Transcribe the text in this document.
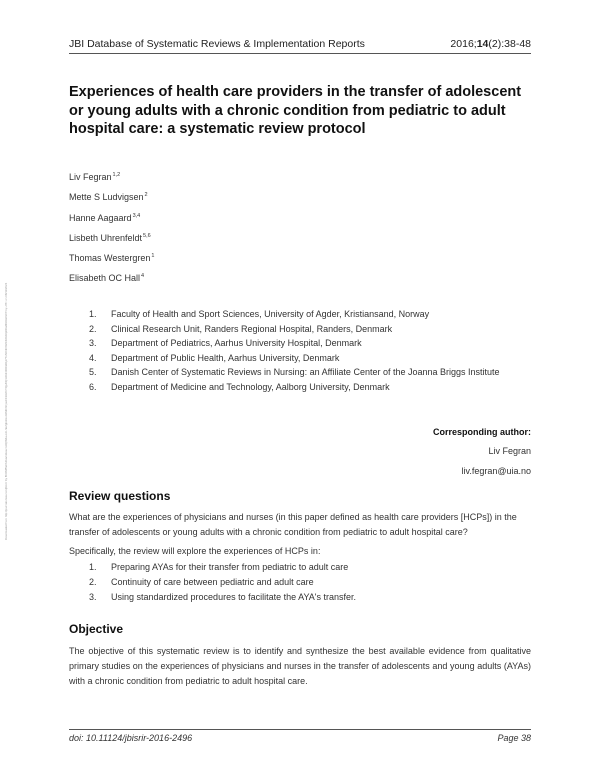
JBI Database of Systematic Reviews & Implementation Reports	2016;14(2):38-48
Experiences of health care providers in the transfer of adolescent or young adults with a chronic condition from pediatric to adult hospital care: a systematic review protocol
Liv Fegran$^{1,2}$
Mette S Ludvigsen$^2$
Hanne Aagaard$^{3,4}$
Lisbeth Uhrenfeldt$^{5,6}$
Thomas Westergren$^1$
Elisabeth OC Hall$^4$
1.	Faculty of Health and Sport Sciences, University of Agder, Kristiansand, Norway
2.	Clinical Research Unit, Randers Regional Hospital, Randers, Denmark
3.	Department of Pediatrics, Aarhus University Hospital, Denmark
4.	Department of Public Health, Aarhus University, Denmark
5.	Danish Center of Systematic Reviews in Nursing: an Affiliate Center of the Joanna Briggs Institute
6.	Department of Medicine and Technology, Aalborg University, Denmark
Corresponding author:
Liv Fegran
liv.fegran@uia.no
Review questions

What are the experiences of physicians and nurses (in this paper defined as health care providers [HCPs]) in the transfer of adolescents or young adults with a chronic condition from pediatric to adult hospital care?

Specifically, the review will explore the experiences of HCPs in:

1.	Preparing AYAs for their transfer from pediatric to adult care
2.	Continuity of care between pediatric and adult care
3.	Using standardized procedures to facilitate the AYA's transfer.
Objective

The objective of this systematic review is to identify and synthesize the best available evidence from qualitative primary studies on the experiences of physicians and nurses in the transfer of adolescents and young adults (AYAs) with a chronic condition from pediatric to adult hospital care.

Downloaded from http://journals.lww.com/jbisrir by BhDMf5ePHKav1zEoum1tQfN4a+kJLhEZgbsIHo4XMi0hCywCX1AWnYQp/IlQrHD3i3D0OdRyi7TvSFl4Cf3VC4/OAVpDDa8KKGKV0Ymy+78= on 08/11/2024
doi: 10.11124/jbisrir-2016-2496	Page 38
